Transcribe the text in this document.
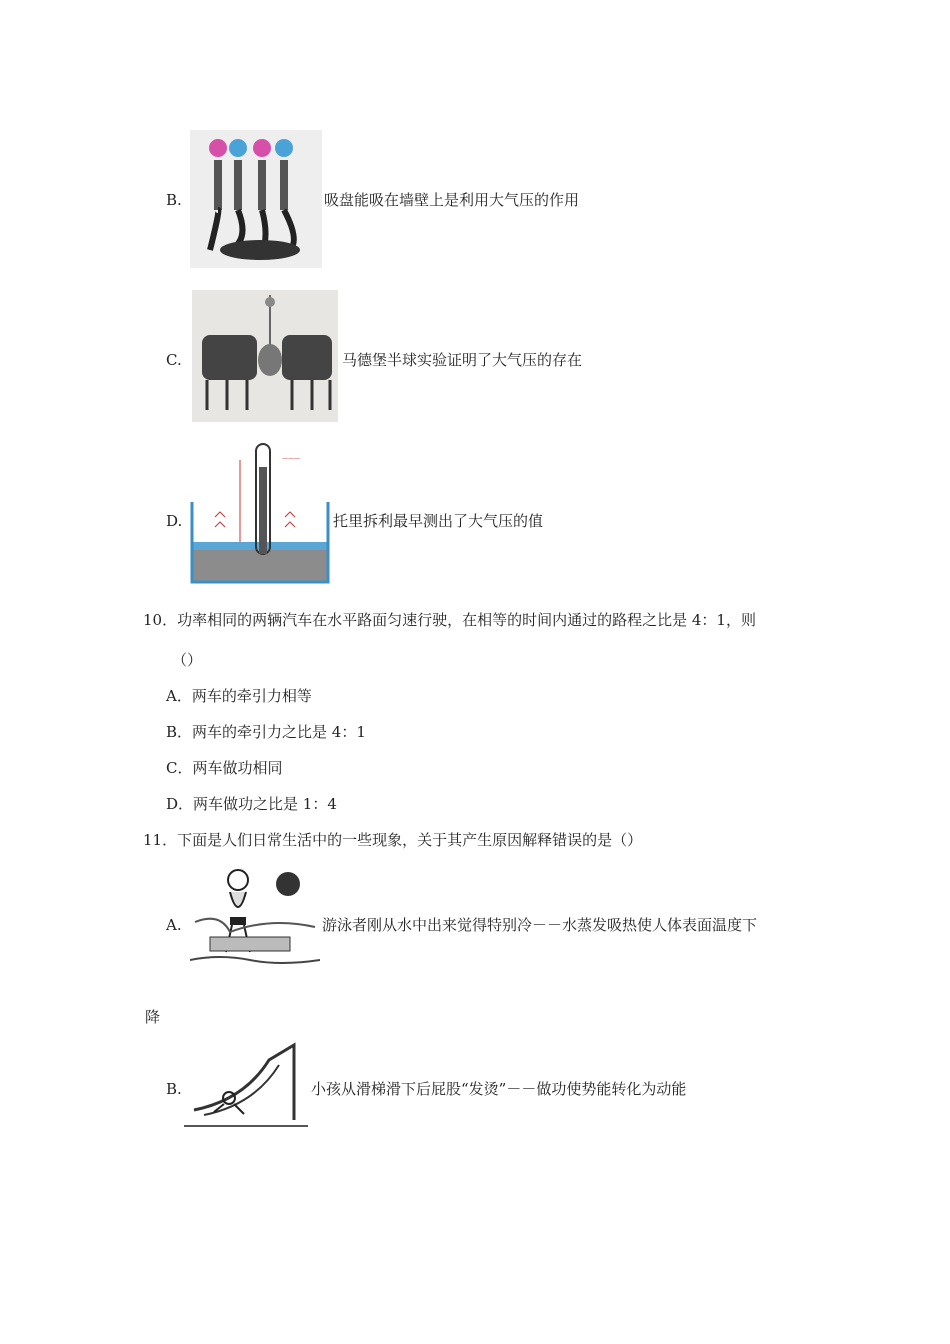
B.	吸盘能吸在墙壁上是利用大气压的作用
C.	马德堡半球实验证明了大气压的存在
D.
———
托里拆利最早测出了大气压的值
10．功率相同的两辆汽车在水平路面匀速行驶，在相等的时间内通过的路程之比是 4：1，则
（）
A．两车的牵引力相等
B．两车的牵引力之比是 4：1
C．两车做功相同
D．两车做功之比是 1：4
11．下面是人们日常生活中的一些现象，关于其产生原因解释错误的是（）
A.	游泳者刚从水中出来觉得特别冷－－水蒸发吸热使人体表面温度下
降
B.	小孩从滑梯滑下后屁股“发烫”－－做功使势能转化为动能
